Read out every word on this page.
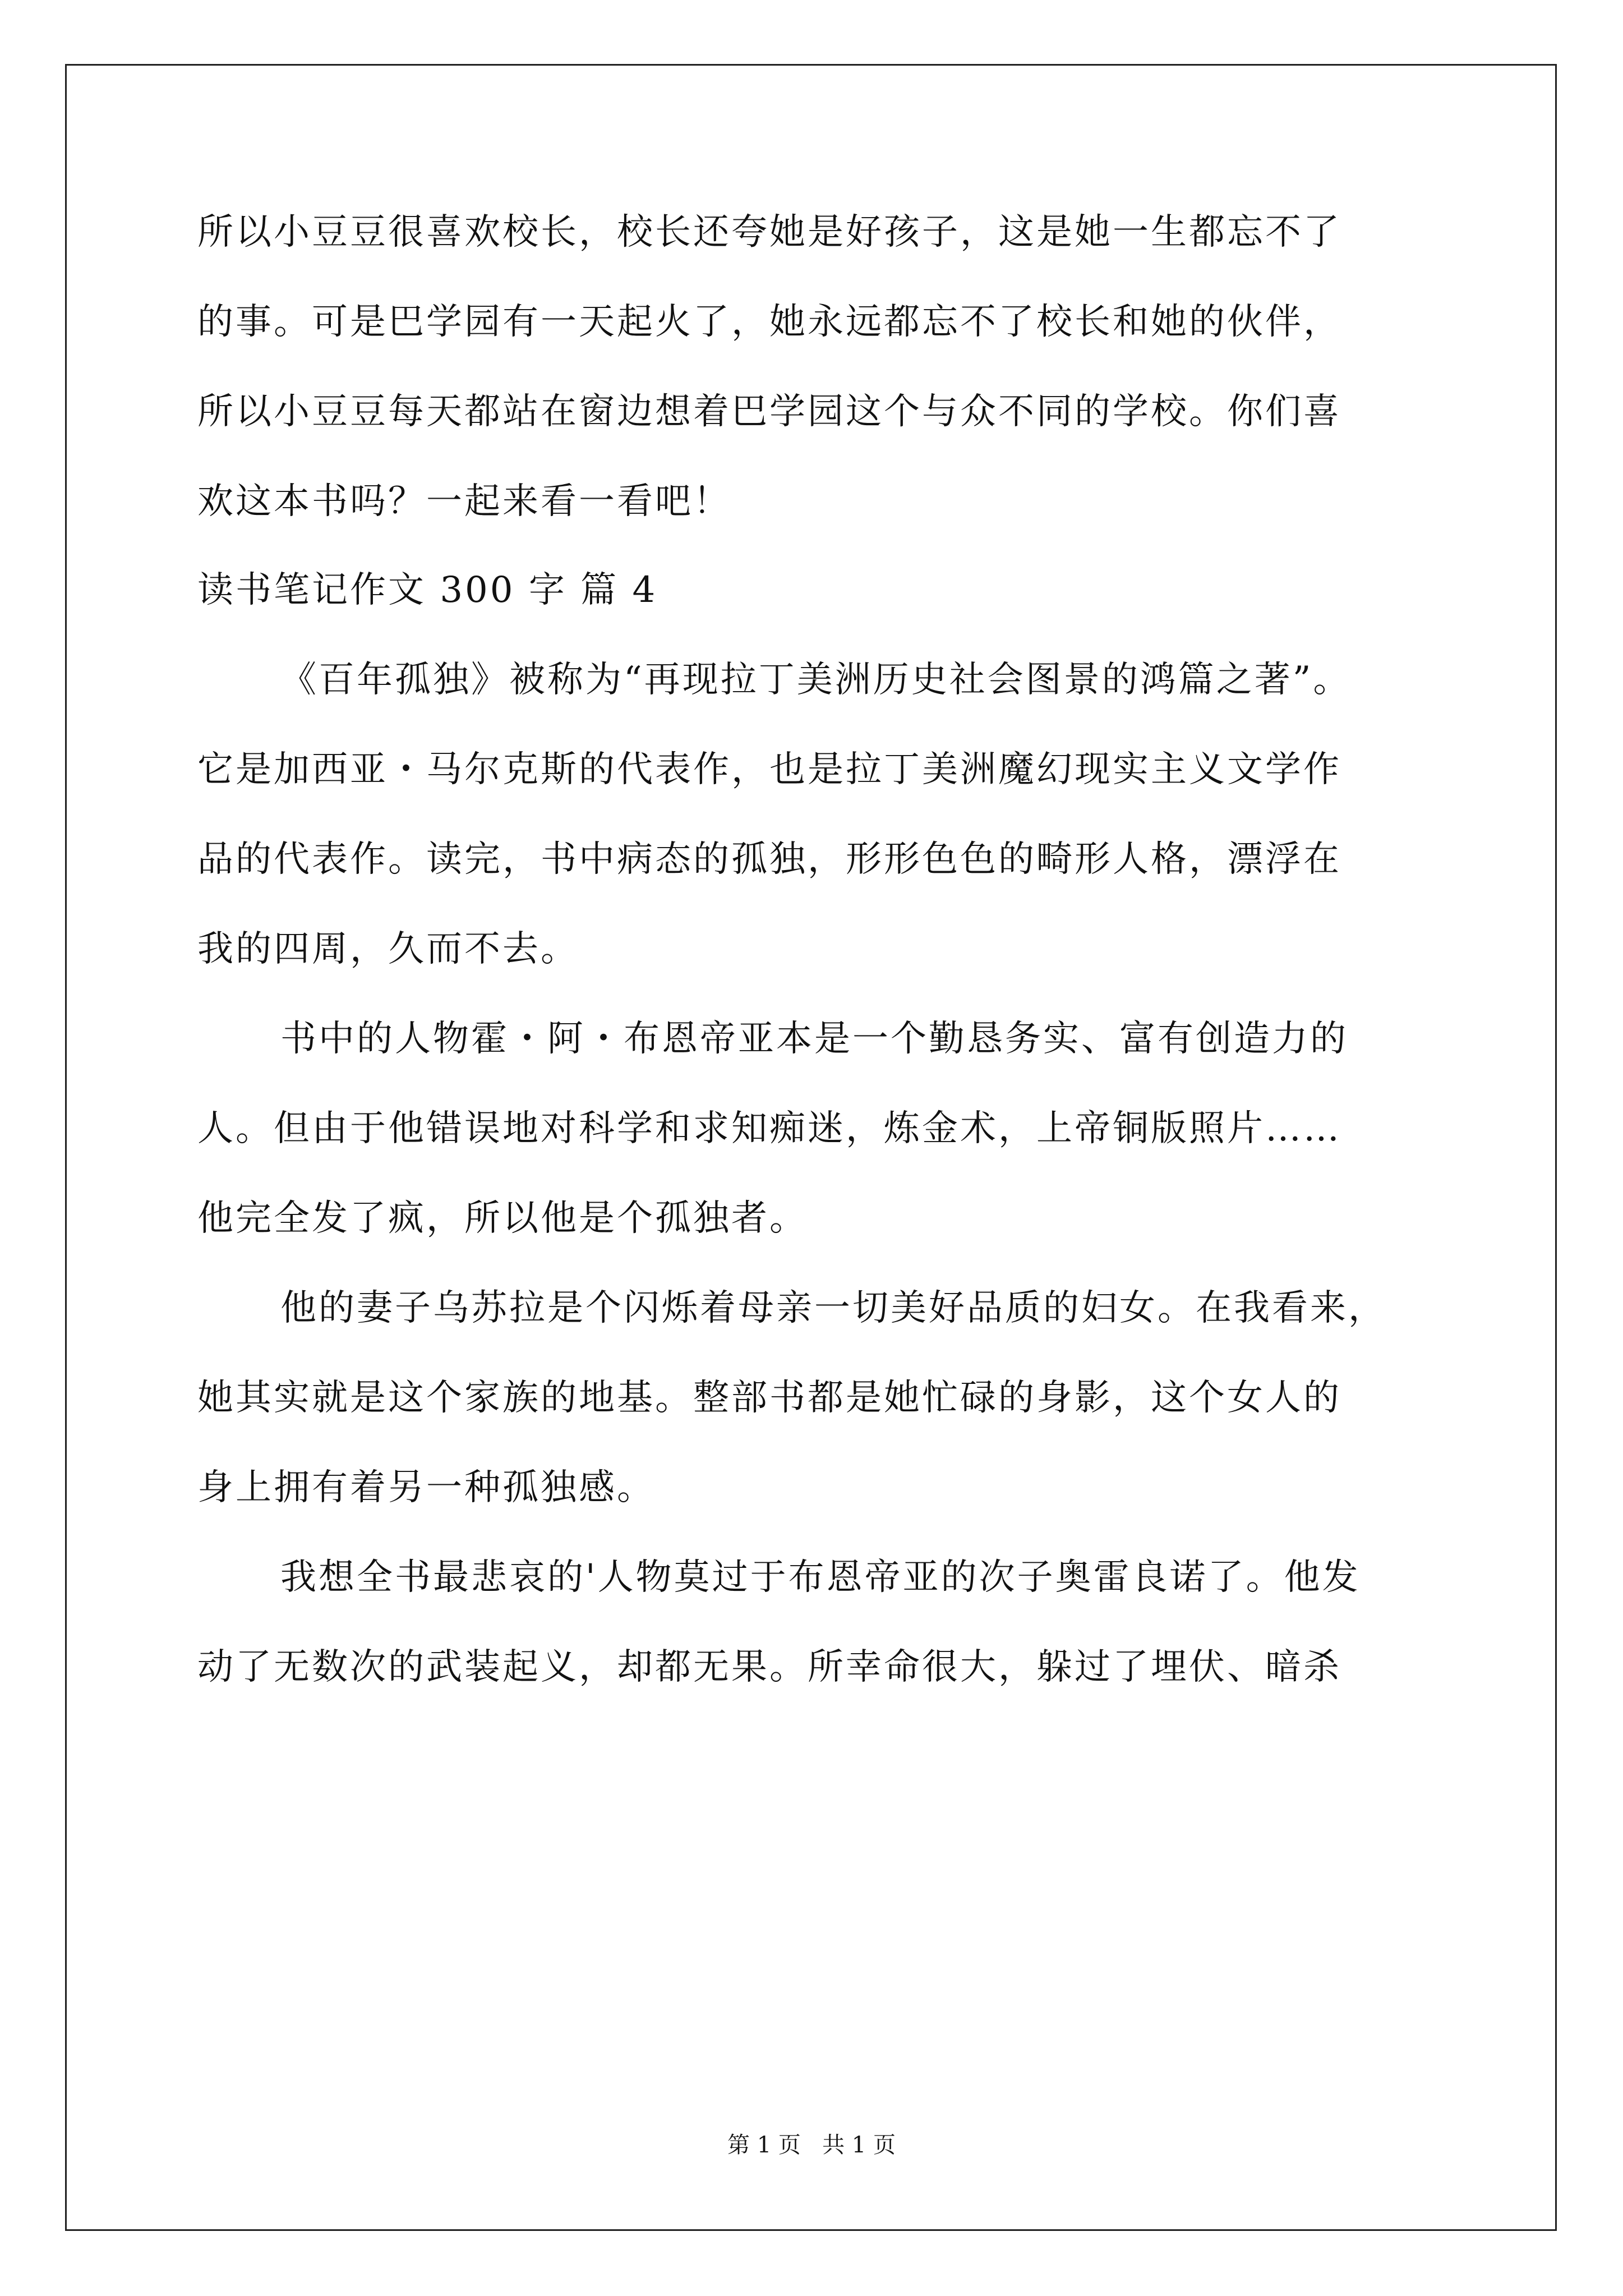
所以小豆豆很喜欢校长，校长还夸她是好孩子，这是她一生都忘不了
的事。可是巴学园有一天起火了，她永远都忘不了校长和她的伙伴，
所以小豆豆每天都站在窗边想着巴学园这个与众不同的学校。你们喜
欢这本书吗？一起来看一看吧！
读书笔记作文 300 字 篇 4
《百年孤独》被称为“再现拉丁美洲历史社会图景的鸿篇之著”。
它是加西亚・马尔克斯的代表作，也是拉丁美洲魔幻现实主义文学作
品的代表作。读完，书中病态的孤独，形形色色的畸形人格，漂浮在
我的四周，久而不去。
书中的人物霍・阿・布恩帝亚本是一个勤恳务实、富有创造力的
人。但由于他错误地对科学和求知痴迷，炼金术，上帝铜版照片……
他完全发了疯，所以他是个孤独者。
他的妻子乌苏拉是个闪烁着母亲一切美好品质的妇女。在我看来，
她其实就是这个家族的地基。整部书都是她忙碌的身影，这个女人的
身上拥有着另一种孤独感。
我想全书最悲哀的'人物莫过于布恩帝亚的次子奥雷良诺了。他发
动了无数次的武装起义，却都无果。所幸命很大，躲过了埋伏、暗杀
第 1 页   共 1 页
